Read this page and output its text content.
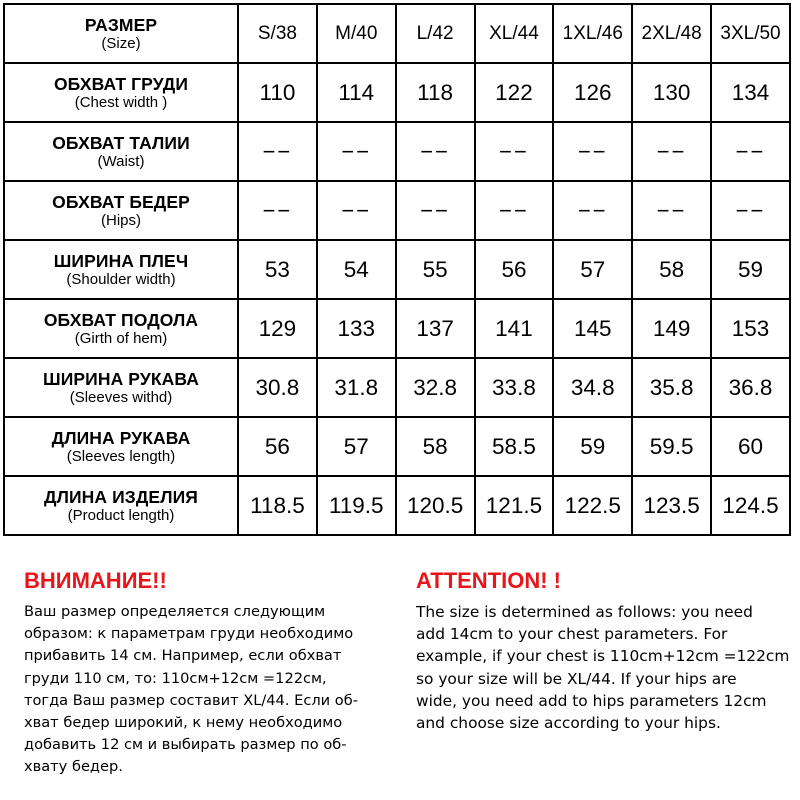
РАЗМЕР
(Size)	S/38	M/40	L/42	XL/44	1XL/46	2XL/48	3XL/50

ОБХВАТ ГРУДИ
(Chest width )	110	114	118	122	126	130	134

ОБХВАТ ТАЛИИ
(Waist)	−−	−−	−−	−−	−−	−−	−−

ОБХВАТ БЕДЕР
(Hips)	−−	−−	−−	−−	−−	−−	−−

ШИРИНА ПЛЕЧ
(Shoulder width)	53	54	55	56	57	58	59

ОБХВАТ ПОДОЛА
(Girth of hem)	129	133	137	141	145	149	153

ШИРИНА РУКАВА
(Sleeves withd)	30.8	31.8	32.8	33.8	34.8	35.8	36.8

ДЛИНА РУКАВА
(Sleeves length)	56	57	58	58.5	59	59.5	60

ДЛИНА ИЗДЕЛИЯ
(Product length)	118.5	119.5	120.5	121.5	122.5	123.5	124.5
ВНИМАНИЕ!!

Ваш размер определяется следующим
образом: к параметрам груди необходимо
прибавить 14 см. Например, если обхват
груди 110 см, то: 110см+12см =122см,
тогда Ваш размер составит XL/44. Если об-
хват бедер широкий, к нему необходимо
добавить 12 см и выбирать размер по об-
хвату бедер.

ATTENTION! !

The size is determined as follows: you need
add 14cm to your chest parameters. For
example, if your chest is 110cm+12cm =122cm
so your size will be XL/44. If your hips are
wide, you need add to hips parameters 12cm
and choose size according to your hips.
